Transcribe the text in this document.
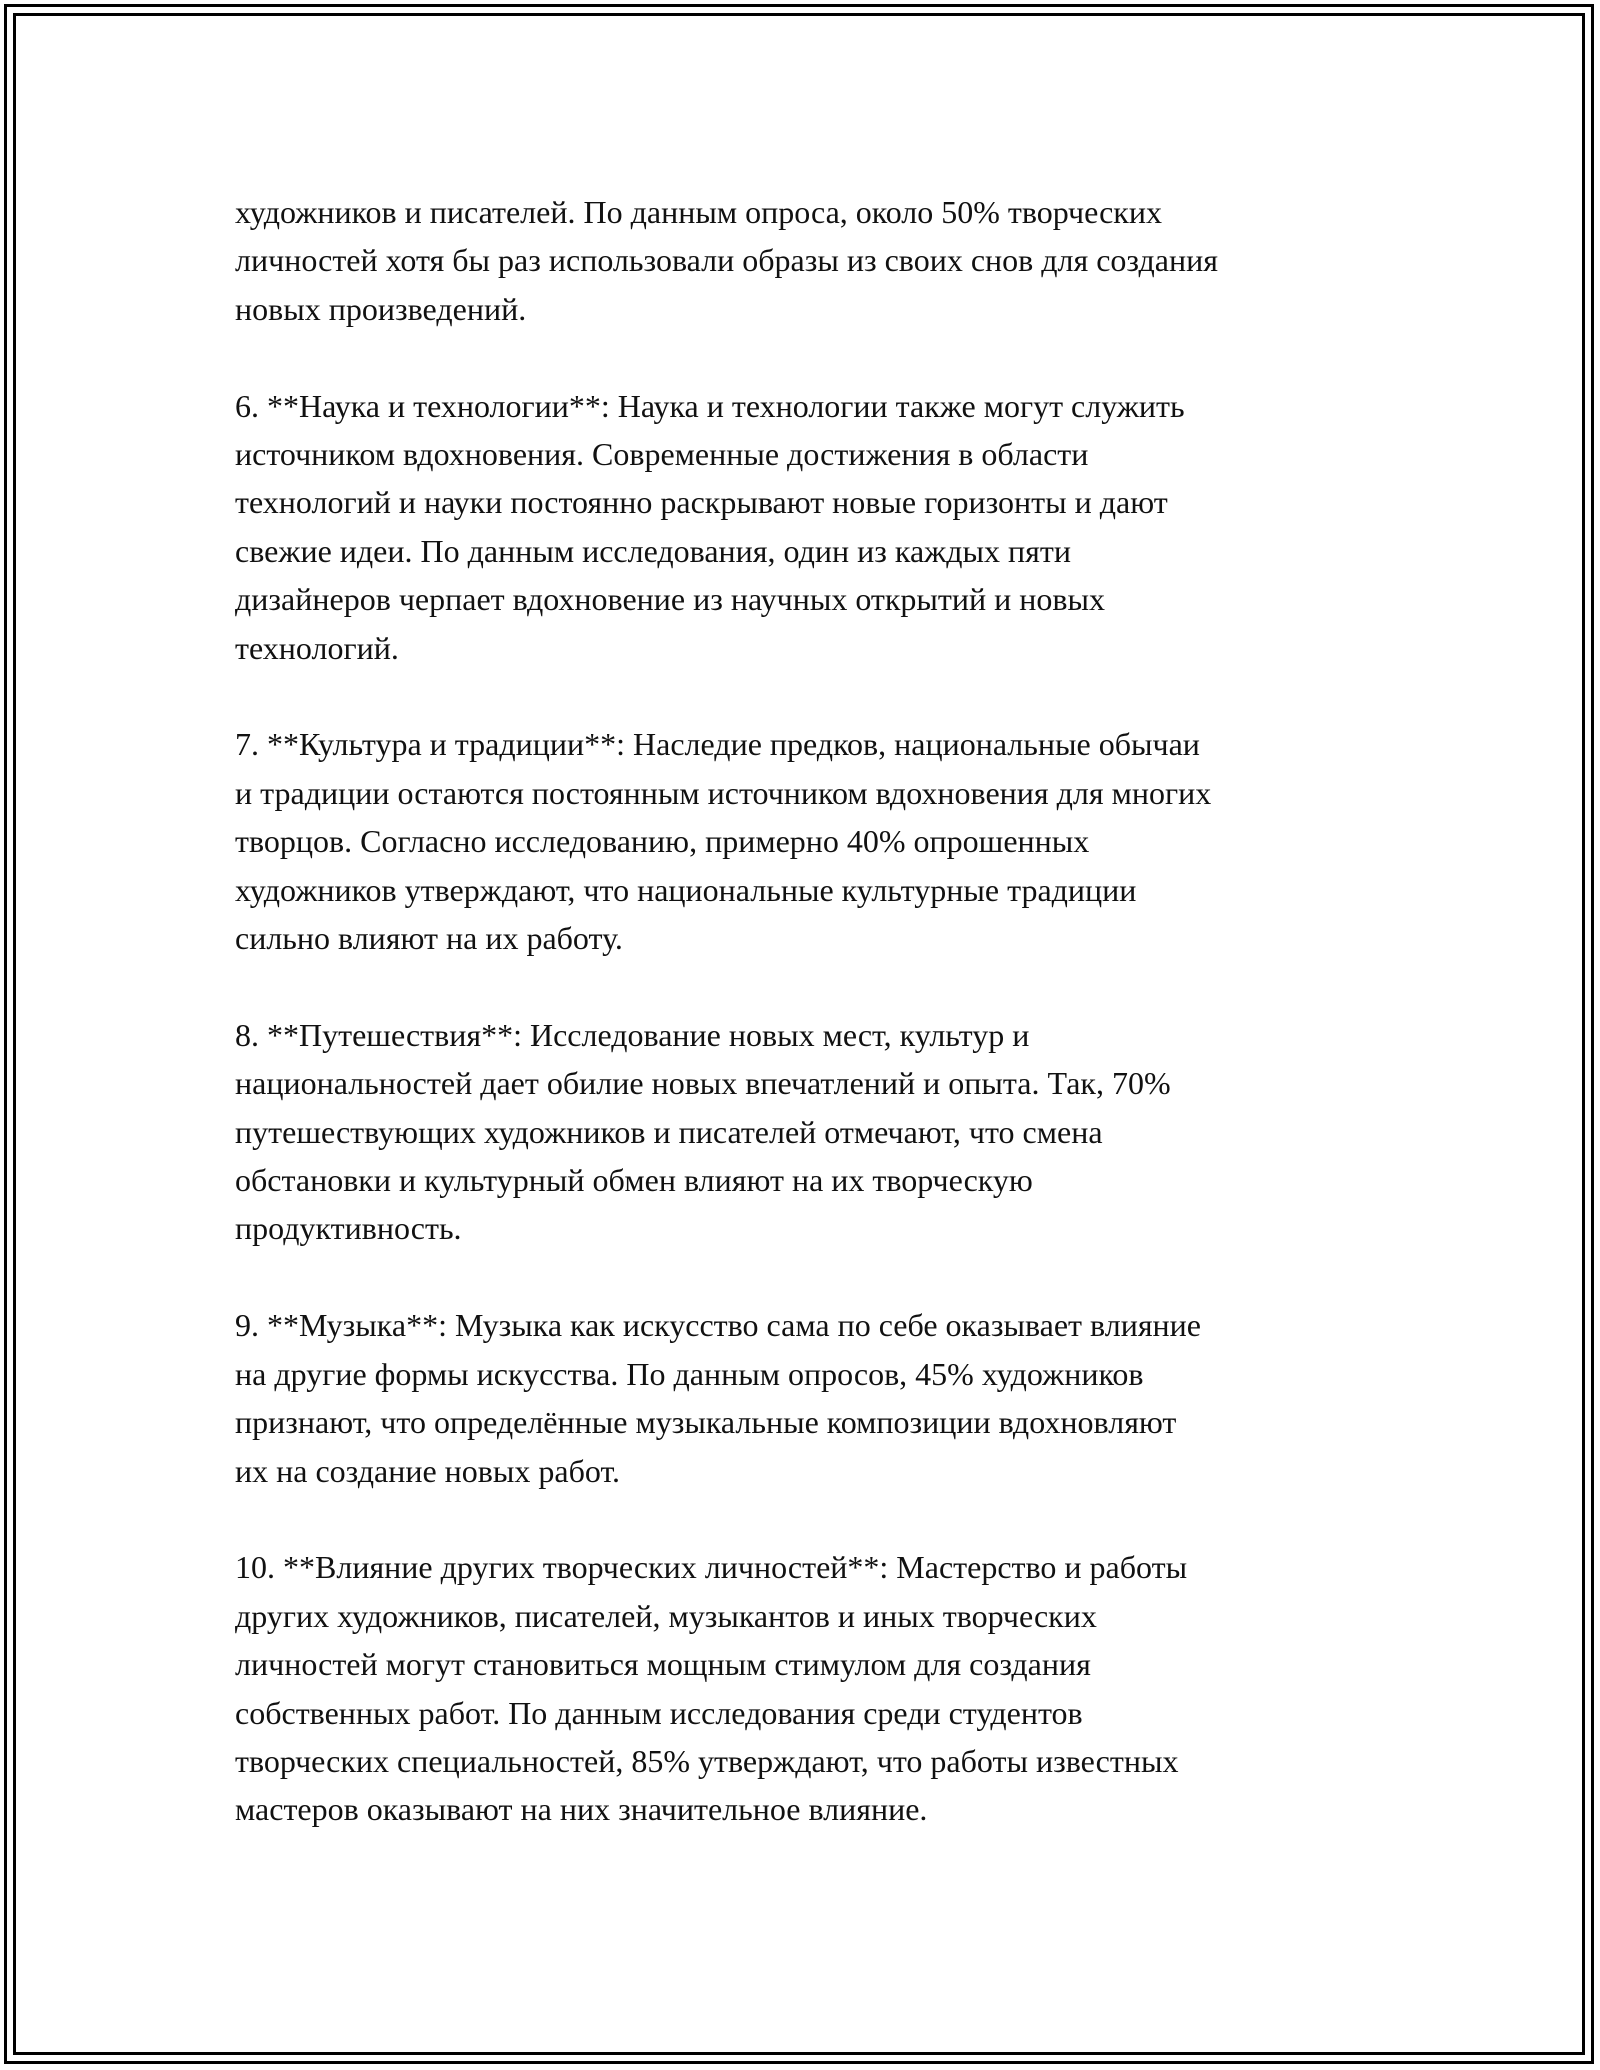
художников и писателей. По данным опроса, около 50% творческих
личностей хотя бы раз использовали образы из своих снов для создания
новых произведений.

6. **Наука и технологии**: Наука и технологии также могут служить
источником вдохновения. Современные достижения в области
технологий и науки постоянно раскрывают новые горизонты и дают
свежие идеи. По данным исследования, один из каждых пяти
дизайнеров черпает вдохновение из научных открытий и новых
технологий.

7. **Культура и традиции**: Наследие предков, национальные обычаи
и традиции остаются постоянным источником вдохновения для многих
творцов. Согласно исследованию, примерно 40% опрошенных
художников утверждают, что национальные культурные традиции
сильно влияют на их работу.

8. **Путешествия**: Исследование новых мест, культур и
национальностей дает обилие новых впечатлений и опыта. Так, 70%
путешествующих художников и писателей отмечают, что смена
обстановки и культурный обмен влияют на их творческую
продуктивность.

9. **Музыка**: Музыка как искусство сама по себе оказывает влияние
на другие формы искусства. По данным опросов, 45% художников
признают, что определённые музыкальные композиции вдохновляют
их на создание новых работ.

10. **Влияние других творческих личностей**: Мастерство и работы
других художников, писателей, музыкантов и иных творческих
личностей могут становиться мощным стимулом для создания
собственных работ. По данным исследования среди студентов
творческих специальностей, 85% утверждают, что работы известных
мастеров оказывают на них значительное влияние.
